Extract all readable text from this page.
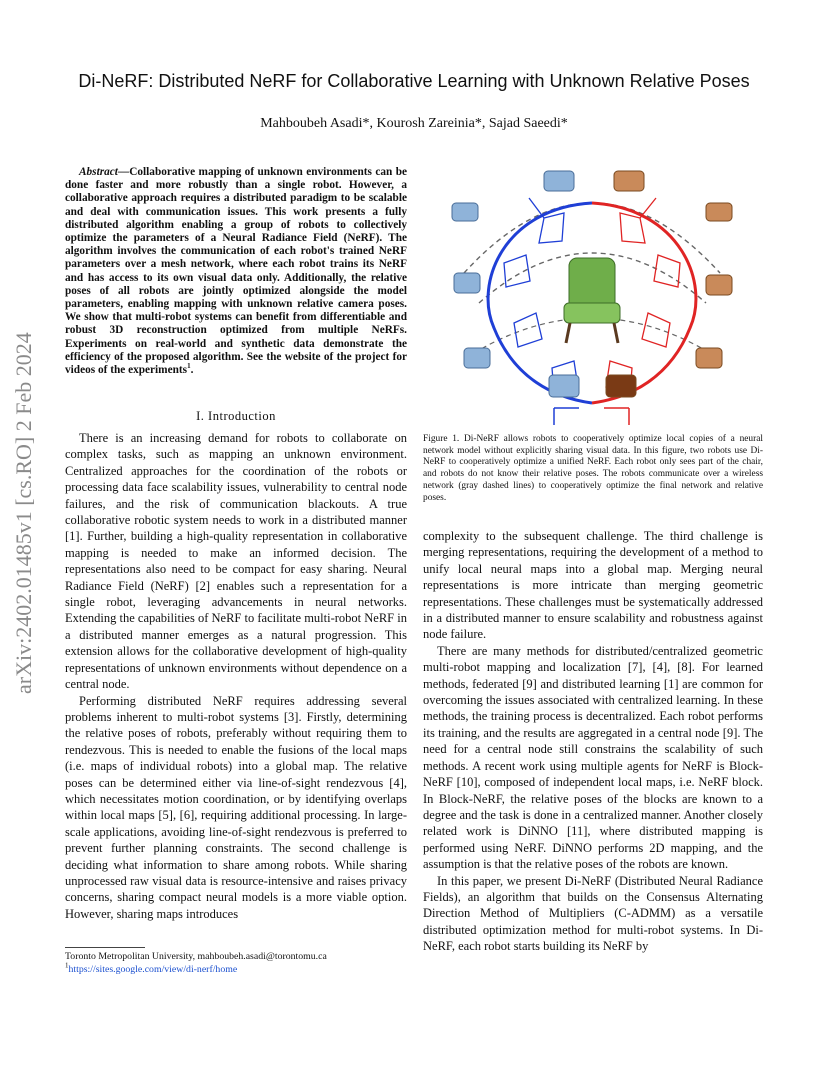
arXiv:2402.01485v1 [cs.RO] 2 Feb 2024
Di-NeRF: Distributed NeRF for Collaborative Learning with Unknown Relative Poses
Mahboubeh Asadi*, Kourosh Zareinia*, Sajad Saeedi*
Abstract—Collaborative mapping of unknown environments can be done faster and more robustly than a single robot. However, a collaborative approach requires a distributed paradigm to be scalable and deal with communication issues. This work presents a fully distributed algorithm enabling a group of robots to collectively optimize the parameters of a Neural Radiance Field (NeRF). The algorithm involves the communication of each robot's trained NeRF parameters over a mesh network, where each robot trains its NeRF and has access to its own visual data only. Additionally, the relative poses of all robots are jointly optimized alongside the model parameters, enabling mapping with unknown relative camera poses. We show that multi-robot systems can benefit from differentiable and robust 3D reconstruction optimized from multiple NeRFs. Experiments on real-world and synthetic data demonstrate the efficiency of the proposed algorithm. See the website of the project for videos of the experiments$^1$.
I. Introduction

There is an increasing demand for robots to collaborate on complex tasks, such as mapping an unknown environment. Centralized approaches for the coordination of the robots or processing data face scalability issues, vulnerability to central node failures, and the risk of communication blackouts. A true collaborative robotic system needs to work in a distributed manner [1]. Further, building a high-quality representation in collaborative mapping is needed to make an informed decision. The representations also need to be compact for easy sharing. Neural Radiance Field (NeRF) [2] enables such a representation for a single robot, leveraging advancements in neural networks. Extending the capabilities of NeRF to facilitate multi-robot NeRF in a distributed manner emerges as a natural progression. This extension allows for the collaborative development of high-quality representations of unknown environments without dependence on a central node.

Performing distributed NeRF requires addressing several problems inherent to multi-robot systems [3]. Firstly, determining the relative poses of robots, preferably without requiring them to rendezvous. This is needed to enable the fusions of the local maps (i.e. maps of individual robots) into a global map. The relative poses can be determined either via line-of-sight rendezvous [4], which necessitates motion coordination, or by identifying overlaps within local maps [5], [6], requiring additional processing. In large-scale applications, avoiding line-of-sight rendezvous is preferred to prevent further planning constraints. The second challenge is deciding what information to share among robots. While sharing unprocessed raw visual data is resource-intensive and raises privacy concerns, sharing compact neural models is a more viable option. However, sharing maps introduces

Toronto Metropolitan University, mahboubeh.asadi@torontomu.ca
$^1$https://sites.google.com/view/di-nerf/home
Figure 1. Di-NeRF allows robots to cooperatively optimize local copies of a neural network model without explicitly sharing visual data. In this figure, two robots use Di-NeRF to cooperatively optimize a unified NeRF. Each robot only sees part of the chair, and robots do not know their relative poses. The robots communicate over a wireless network (gray dashed lines) to cooperatively optimize the final network and relative poses.

complexity to the subsequent challenge. The third challenge is merging representations, requiring the development of a method to unify local neural maps into a global map. Merging neural representations is more intricate than merging geometric representations. These challenges must be systematically addressed in a distributed manner to ensure scalability and robustness against node failure.

There are many methods for distributed/centralized geometric multi-robot mapping and localization [7], [4], [8]. For learned methods, federated [9] and distributed learning [1] are common for overcoming the issues associated with centralized learning. In these methods, the training process is decentralized. Each robot performs its training, and the results are aggregated in a central node [9]. The need for a central node still constrains the scalability of such methods. A recent work using multiple agents for NeRF is Block-NeRF [10], composed of independent local maps, i.e. NeRF block. In Block-NeRF, the relative poses of the blocks are known to a degree and the task is done in a centralized manner. Another closely related work is DiNNO [11], where distributed mapping is performed using NeRF. DiNNO performs 2D mapping, and the assumption is that the relative poses of the robots are known.

In this paper, we present Di-NeRF (Distributed Neural Radiance Fields), an algorithm that builds on the Consensus Alternating Direction Method of Multipliers (C-ADMM) as a versatile distributed optimization method for multi-robot systems. In Di-NeRF, each robot starts building its NeRF by
